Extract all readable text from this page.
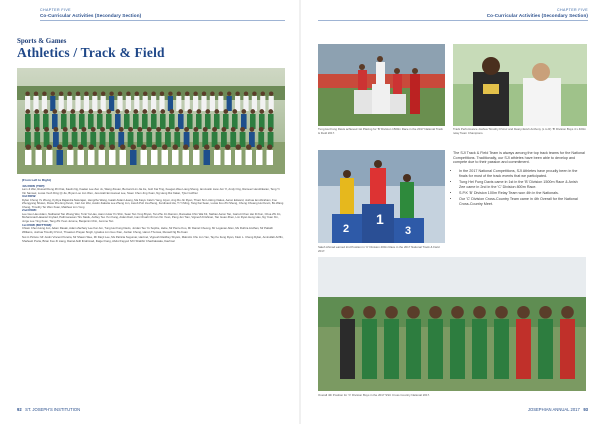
CHAPTER FIVE
Co-Curricular Activities (Secondary Section)
Sports & Games
Athletics / Track & Field
(From Left to Right)
4th ROW (TOP):
Lam Ji Wei, Russell Deng Zhi Kiat, Kaelin Ng, Kaelan Lee Zen Ju, Wang Zixuan, Bernard Lim Jia Jie, Goh Kai Ting, Keegan Wee Liang Sheng, Ian Austin Liew Jun Yi, Andy Ong, Rameez Hendrikaran, Teng Yi Xin Samuel, Lucas Yeoh Ding Qi Jie, Bryan Loo Jun Wen, Jeremiah Emmanuel Lee, Swen Chen Jing Xuan, Ng Heng Rui Kalan, Tyler Goffrier
3rd ROW:
Dylan Chong Yu Zheng, Kyrbya Rajandra Naturajan, Hengzhe Wang, Isaiah Aidan Huang, Ma Kaiyu Calvin Yang, Aiyun, Ang Ru Jin Ryan, Thant Sin Linking Oakes, Aaron Edward, Joshua Ian Abraham, Foo Zhengyang Shawn, Rowe Zhe Eng Kevin, Carl Jun Wei, Austin Zakaria Lee Zheng Jun, Jacob Poh Jia Zheng, Ferdinand Aw, Ti Yi Ming, Tang Kai Sean, Lucas Foo Zhi Sheng, Cheng Chuang Hui Kevin, Bo Wang Cheng, Timothy Ter Wen Xuan, Matthew Lim Yong
2nd ROW:
Lee Guo Hao Adam, Nathaniel Tan Zhang Wei, Tonti Ya Hao, Aaron Hsia Yin Shin, Sean Tan Yong Bryan, Tan Zhu Jin Damion, Ramadas Chin Wai Kit, Nathan Aaron Tan, Garrett Chen Hei Di Kun, Chua Zhi Jin, Muhammad Hasanul Irsyhad, Pathmanesan Tiru Naidu, Ashley Teo Yun Kang, Aidan Daiz, Ivan Chuah Chi Ian Xin Yuan, Pang Jun Tian, Vignesh Krishnan, Tan Guan Zhen, Lim Ryan Heng Hao, Ng Yuan Xin, Jorge Lee Ying Xuan, Tang Zhi Yuan Jerome, Benjamin Chin, Jerome Tan
1st ROW (BOTTOM):
Chiam Chen Hong Jun, Adam Rasak, Adam Zachary Lee Kai Jun, Tung Hei Fung Davis, Jordan Teo Yu Sophie, Hebe, Mr Pierre Kuo, Mr Daniel Cheong, Mr Loganan Allen, Ms Ruthra Andhan, Mr Pattath Williams, Joshua Timothy D'cruz, Thoaston Prayan Singh, Ignatius Lim Guo Xian, Jordan Chong, Harun Thomas, Russell Ng Bo Kuan
Not in Picture: Mr Justin Vincent Pereira, Mr Shawn Wee, Mr Daryl Lee, Ms Patricia Sugumar, Hazmel, Vignesh Raidhey Shyam, Malcolm Chu Jun Yan, Tay Ke Feng Ryan, Klein L. Cheng Dylan, Aminullah Ariffin, Shaheeb Pozia, Brian Kuo Zi Liang, Daniel Aidil Ibrahimad, Ifatger Fang, Abdul Fayyaz S/O Shabbir Chachakwala, Kaufmal
92 ST. JOSEPH'S INSTITUTION
CHAPTER FIVE
Co-Curricular Activities (Secondary Section)
Tung Hei Fung Davis achieved 1st Placing for 'B' Division 1500m Race in the 2017 National Track & Field 2017.
Track Performance Joshua Timothy D'cruz and Ifeanyi Ezeh Anthony (L to R) 'B' Division Boys 4 x 400m relay Team Champions.
1
2	3
Saleh Ahmad earned 2nd Position in 'C' Division 400m Race in the 2017 National Track & Field 2017.

The SJI Track & Field Team is always among the top track teams for the National Competitions. Traditionally, our SJI athletes have been able to develop and compete due to their passion and commitment.

• In the 2017 National Competitions, SJI Athletes have proudly been in the finals for most of the track events that we participated.
• Tung Hei Fung Davis came in 1st in the 'B' Division 1500m Race & Anish Zee came in 2nd in the 'C' Division 800m Race.
• S.P.K 'B' Division 100m Relay Team won 4th in the Nationals.
• Our 'C' Division Cross-Country Team came in 4th Overall for the National Cross-Country Meet.
Overall 4th Position for 'C' Division Boys in the 2017 SSC Cross Country National 2017.
JOSEPHIAN ANNUAL 2017 93
